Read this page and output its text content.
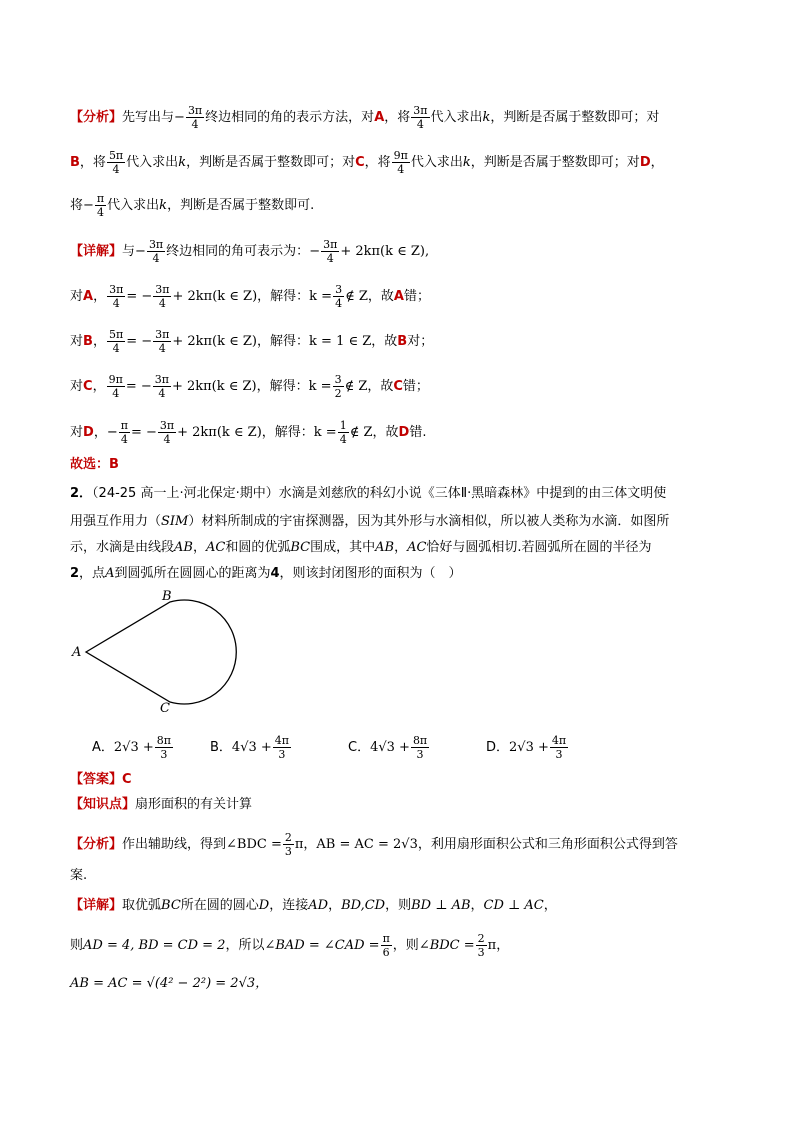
【分析】先写出与− $\frac{3\pi}{4}$ 终边相同的角的表示方法，对A，将 $\frac{3\pi}{4}$ 代入求出k，判断是否属于整数即可；对
B，将 $\frac{5\pi}{4}$ 代入求出k，判断是否属于整数即可；对C，将 $\frac{9\pi}{4}$ 代入求出k，判断是否属于整数即可；对D，
将− $\frac{\pi}{4}$ 代入求出k，判断是否属于整数即可.
【详解】与− $\frac{3\pi}{4}$ 终边相同的角可表示为：− $\frac{3\pi}{4} + 2k\pi(k$ ∈ Z),
对A， $\frac{3\pi}{4}$ = − $\frac{3\pi}{4} + 2k\pi(k$ ∈ Z)，解得：$k = \frac{3}{4}$ ∉ Z，故A错；
对B， $\frac{5\pi}{4}$ = − $\frac{3\pi}{4} + 2k\pi(k$ ∈ Z)，解得：k = 1 ∈ Z，故B对；
对C， $\frac{9\pi}{4}$ = − $\frac{3\pi}{4} + 2k\pi(k$ ∈ Z)，解得：$k = \frac{3}{2}$ ∉ Z，故C错；
对D，− $\frac{\pi}{4}$ = − $\frac{3\pi}{4} + 2k\pi(k$ ∈ Z)，解得：$k = \frac{1}{4}$ ∉ Z，故D错.
故选：B
2．（24-25 高一上·河北保定·期中）水滴是刘慈欣的科幻小说《三体Ⅱ·黑暗森林》中提到的由三体文明使
用强互作用力（SIM）材料所制成的宇宙探测器，因为其外形与水滴相似，所以被人类称为水滴．如图所
示，水滴是由线段AB，AC和圆的优弧BC围成，其中AB，AC恰好与圆弧相切.若圆弧所在圆的半径为
2，点A到圆弧所在圆圆心的距离为4，则该封闭图形的面积为（　）
A
B
C
A．$2√3 + \frac{8\pi}{3}$	B．$4√3 + \frac{4\pi}{3}$	C．$4√3 + \frac{8\pi}{3}$	D．$2√3 + \frac{4\pi}{3}$
【答案】C
【知识点】扇形面积的有关计算
【分析】作出辅助线，得到∠BDC = $\frac{2}{3}$ π，AB = AC = 2√3，利用扇形面积公式和三角形面积公式得到答
案.
【详解】取优弧BC所在圆的圆心D，连接AD，BD,CD，则BD ⊥ AB，CD ⊥ AC，
则AD = 4, BD = CD = 2，所以∠BAD = ∠CAD = $\frac{\pi}{6}$ ，则∠BDC = $\frac{2}{3}$ π，
AB = AC = √(4² − 2²) = 2√3，
